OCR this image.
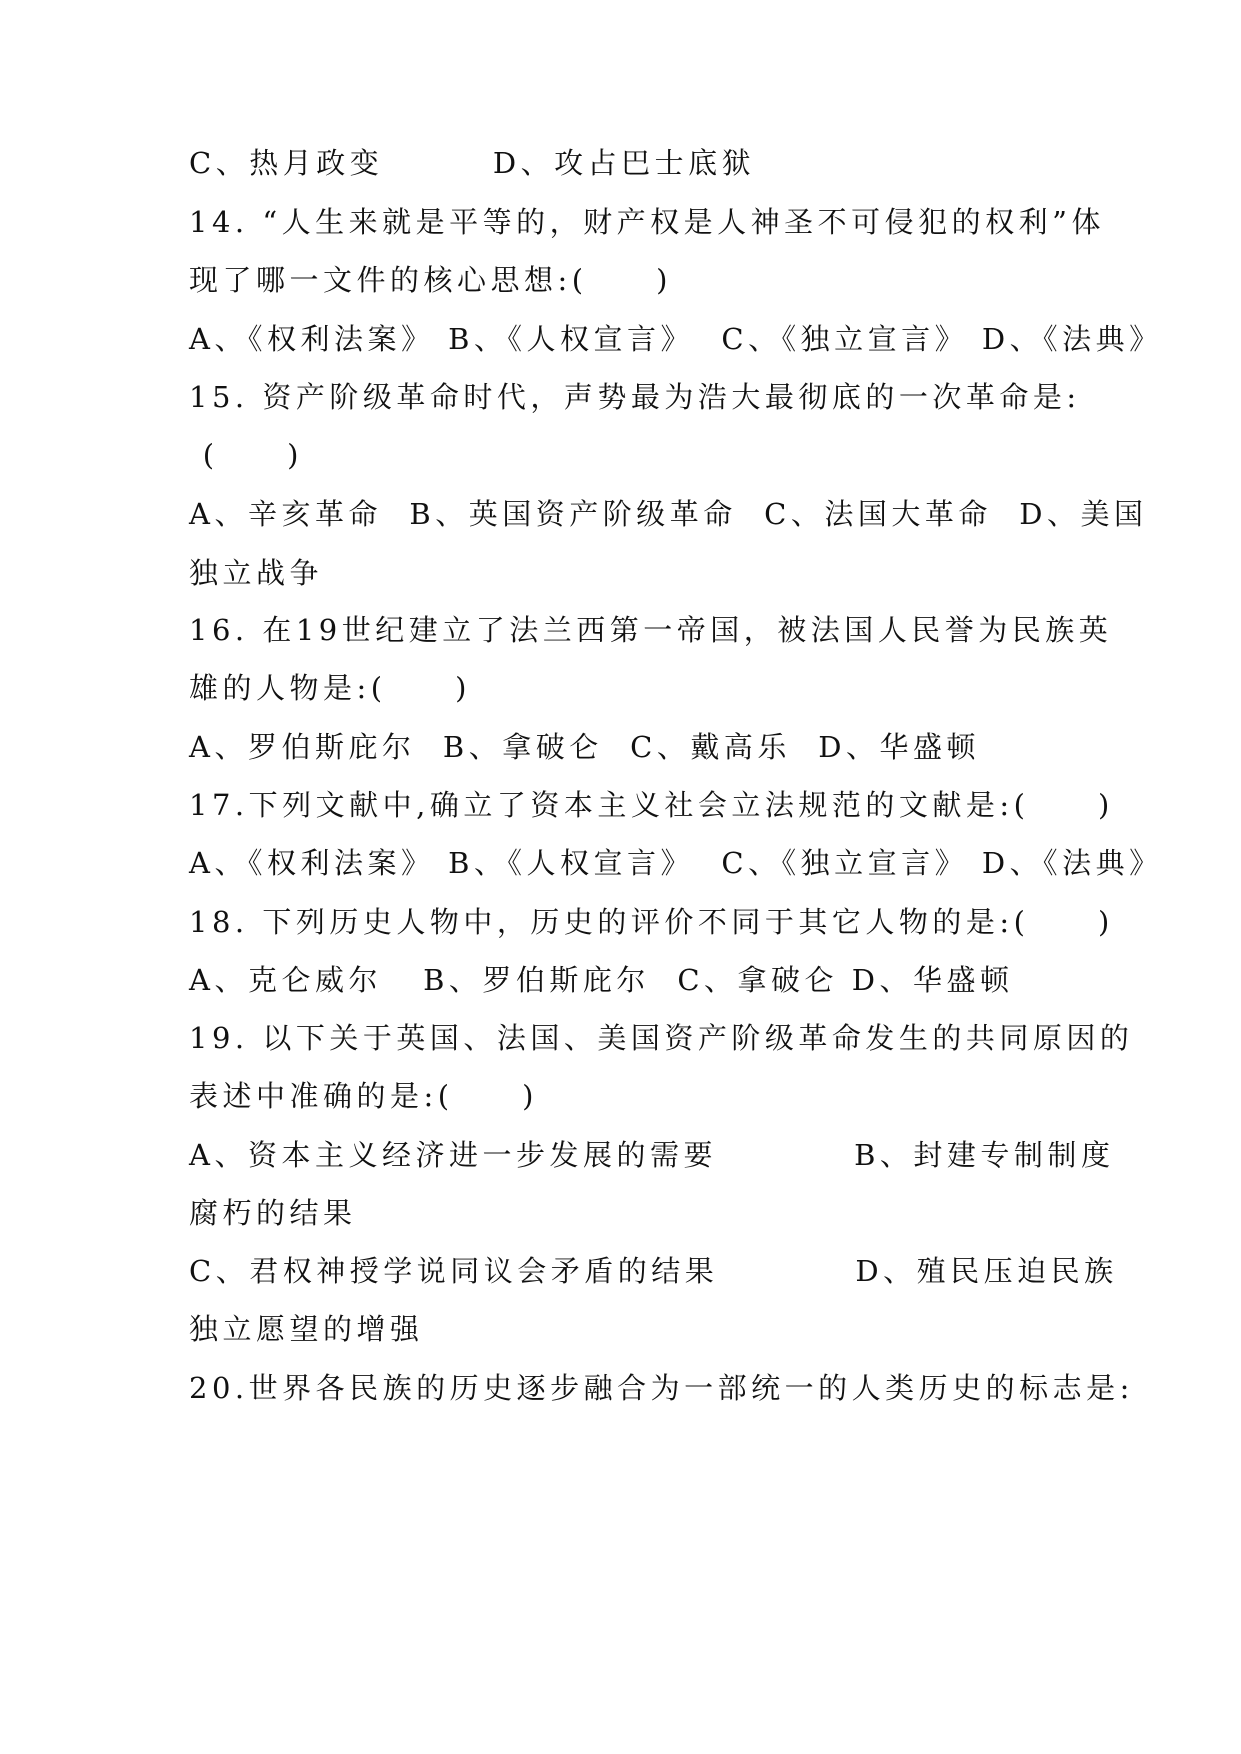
C、热月政变        D、攻占巴士底狱
14. “人生来就是平等的，财产权是人神圣不可侵犯的权利”体
现了哪一文件的核心思想:(     )
A、《权利法案》 B、《人权宣言》  C、《独立宣言》 D、《法典》
15. 资产阶级革命时代，声势最为浩大最彻底的一次革命是:
(     )
A、辛亥革命  B、英国资产阶级革命  C、法国大革命  D、美国
独立战争
16. 在19世纪建立了法兰西第一帝国，被法国人民誉为民族英
雄的人物是:(     )
A、罗伯斯庇尔  B、拿破仑  C、戴高乐  D、华盛顿
17.下列文献中,确立了资本主义社会立法规范的文献是:(     )
A、《权利法案》 B、《人权宣言》  C、《独立宣言》 D、《法典》
18. 下列历史人物中，历史的评价不同于其它人物的是:(     )
A、克仑威尔   B、罗伯斯庇尔  C、拿破仑 D、华盛顿
19. 以下关于英国、法国、美国资产阶级革命发生的共同原因的
表述中准确的是:(     )
A、资本主义经济进一步发展的需要          B、封建专制制度
腐朽的结果
C、君权神授学说同议会矛盾的结果          D、殖民压迫民族
独立愿望的增强
20.世界各民族的历史逐步融合为一部统一的人类历史的标志是:
